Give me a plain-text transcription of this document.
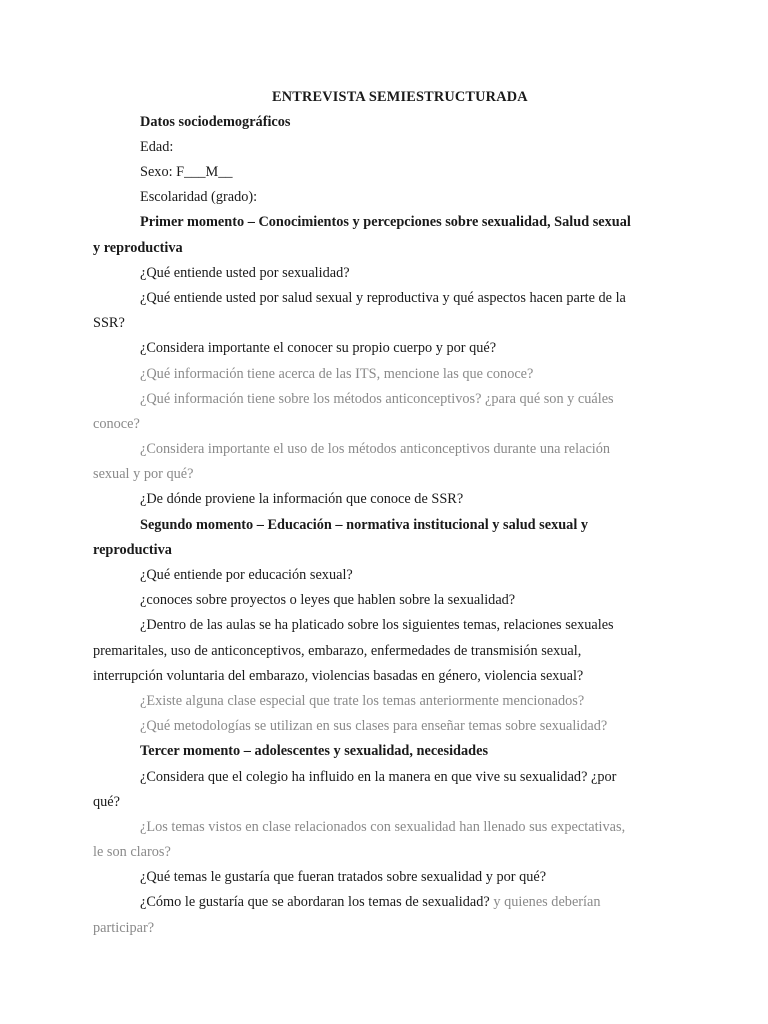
ENTREVISTA SEMIESTRUCTURADA
Datos sociodemográficos
Edad:
Sexo: F___M__
Escolaridad (grado):
Primer momento – Conocimientos y percepciones sobre sexualidad, Salud sexual
y reproductiva
¿Qué entiende usted por sexualidad?
¿Qué entiende usted por salud sexual y reproductiva y qué aspectos hacen parte de la
SSR?
¿Considera importante el conocer su propio cuerpo y por qué?
¿Qué información tiene acerca de las ITS, mencione las que conoce?
¿Qué información tiene sobre los métodos anticonceptivos? ¿para qué son y cuáles
conoce?
¿Considera importante el uso de los métodos anticonceptivos durante una relación
sexual y por qué?
¿De dónde proviene la información que conoce de SSR?
Segundo momento – Educación – normativa institucional y salud sexual y
reproductiva
¿Qué entiende por educación sexual?
¿conoces sobre proyectos o leyes que hablen sobre la sexualidad?
¿Dentro de las aulas se ha platicado sobre los siguientes temas, relaciones sexuales
premaritales, uso de anticonceptivos, embarazo, enfermedades de transmisión sexual,
interrupción voluntaria del embarazo, violencias basadas en género, violencia sexual?
¿Existe alguna clase especial que trate los temas anteriormente mencionados?
¿Qué metodologías se utilizan en sus clases para enseñar temas sobre sexualidad?
Tercer momento – adolescentes y sexualidad, necesidades
¿Considera que el colegio ha influido en la manera en que vive su sexualidad? ¿por
qué?
¿Los temas vistos en clase relacionados con sexualidad han llenado sus expectativas,
le son claros?
¿Qué temas le gustaría que fueran tratados sobre sexualidad y por qué?
¿Cómo le gustaría que se abordaran los temas de sexualidad? y quienes deberían
participar?
